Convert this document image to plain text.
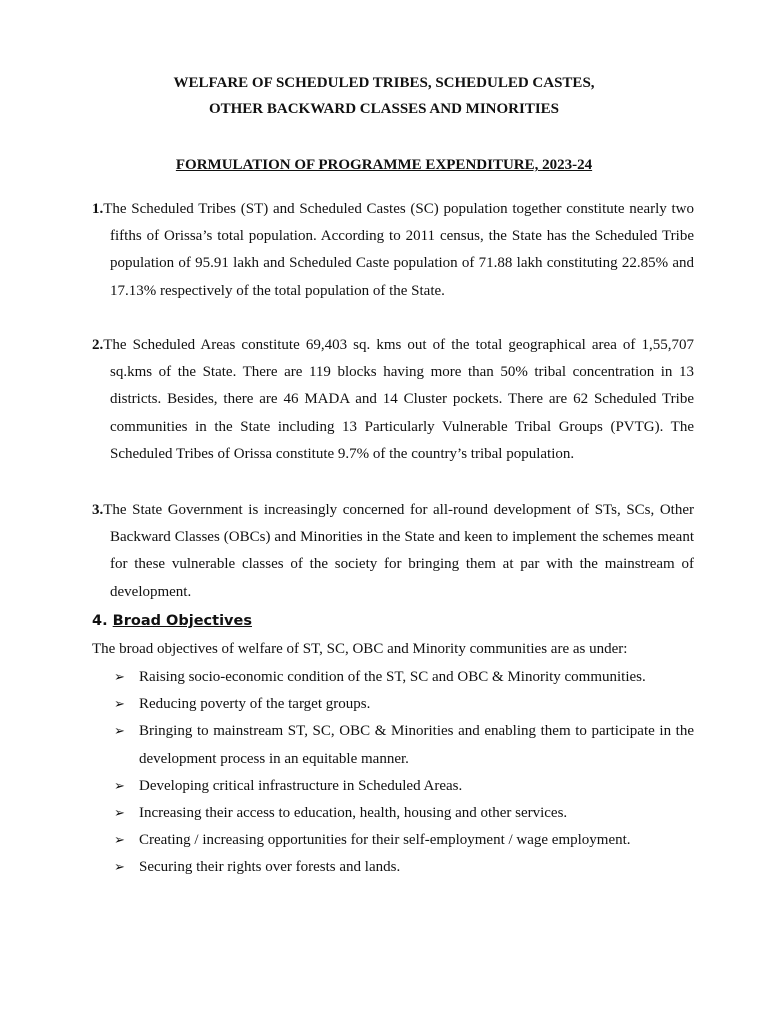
WELFARE OF SCHEDULED TRIBES, SCHEDULED CASTES,
OTHER BACKWARD CLASSES AND MINORITIES
FORMULATION OF PROGRAMME EXPENDITURE, 2023-24
1.The Scheduled Tribes (ST) and Scheduled Castes (SC) population together constitute nearly two fifths of Orissa’s total population. According to 2011 census, the State has the Scheduled Tribe population of 95.91 lakh and Scheduled Caste population of 71.88 lakh constituting 22.85% and 17.13% respectively of the total population of the State.
2.The Scheduled Areas constitute 69,403 sq. kms out of the total geographical area of 1,55,707 sq.kms of the State. There are 119 blocks having more than 50% tribal concentration in 13 districts. Besides, there are 46 MADA and 14 Cluster pockets. There are 62 Scheduled Tribe communities in the State including 13 Particularly Vulnerable Tribal Groups (PVTG). The Scheduled Tribes of Orissa constitute 9.7% of the country’s tribal population.
3.The State Government is increasingly concerned for all-round development of STs, SCs, Other Backward Classes (OBCs) and Minorities in the State and keen to implement the schemes meant for these vulnerable classes of the society for bringing them at par with the mainstream of development.
4. Broad Objectives
The broad objectives of welfare of ST, SC, OBC and Minority communities are as under:
➢ Raising socio-economic condition of the ST, SC and OBC & Minority communities.
➢ Reducing poverty of the target groups.
➢ Bringing to mainstream ST, SC, OBC & Minorities and enabling them to participate in the development process in an equitable manner.
➢ Developing critical infrastructure in Scheduled Areas.
➢ Increasing their access to education, health, housing and other services.
➢ Creating / increasing opportunities for their self-employment / wage employment.
➢ Securing their rights over forests and lands.
